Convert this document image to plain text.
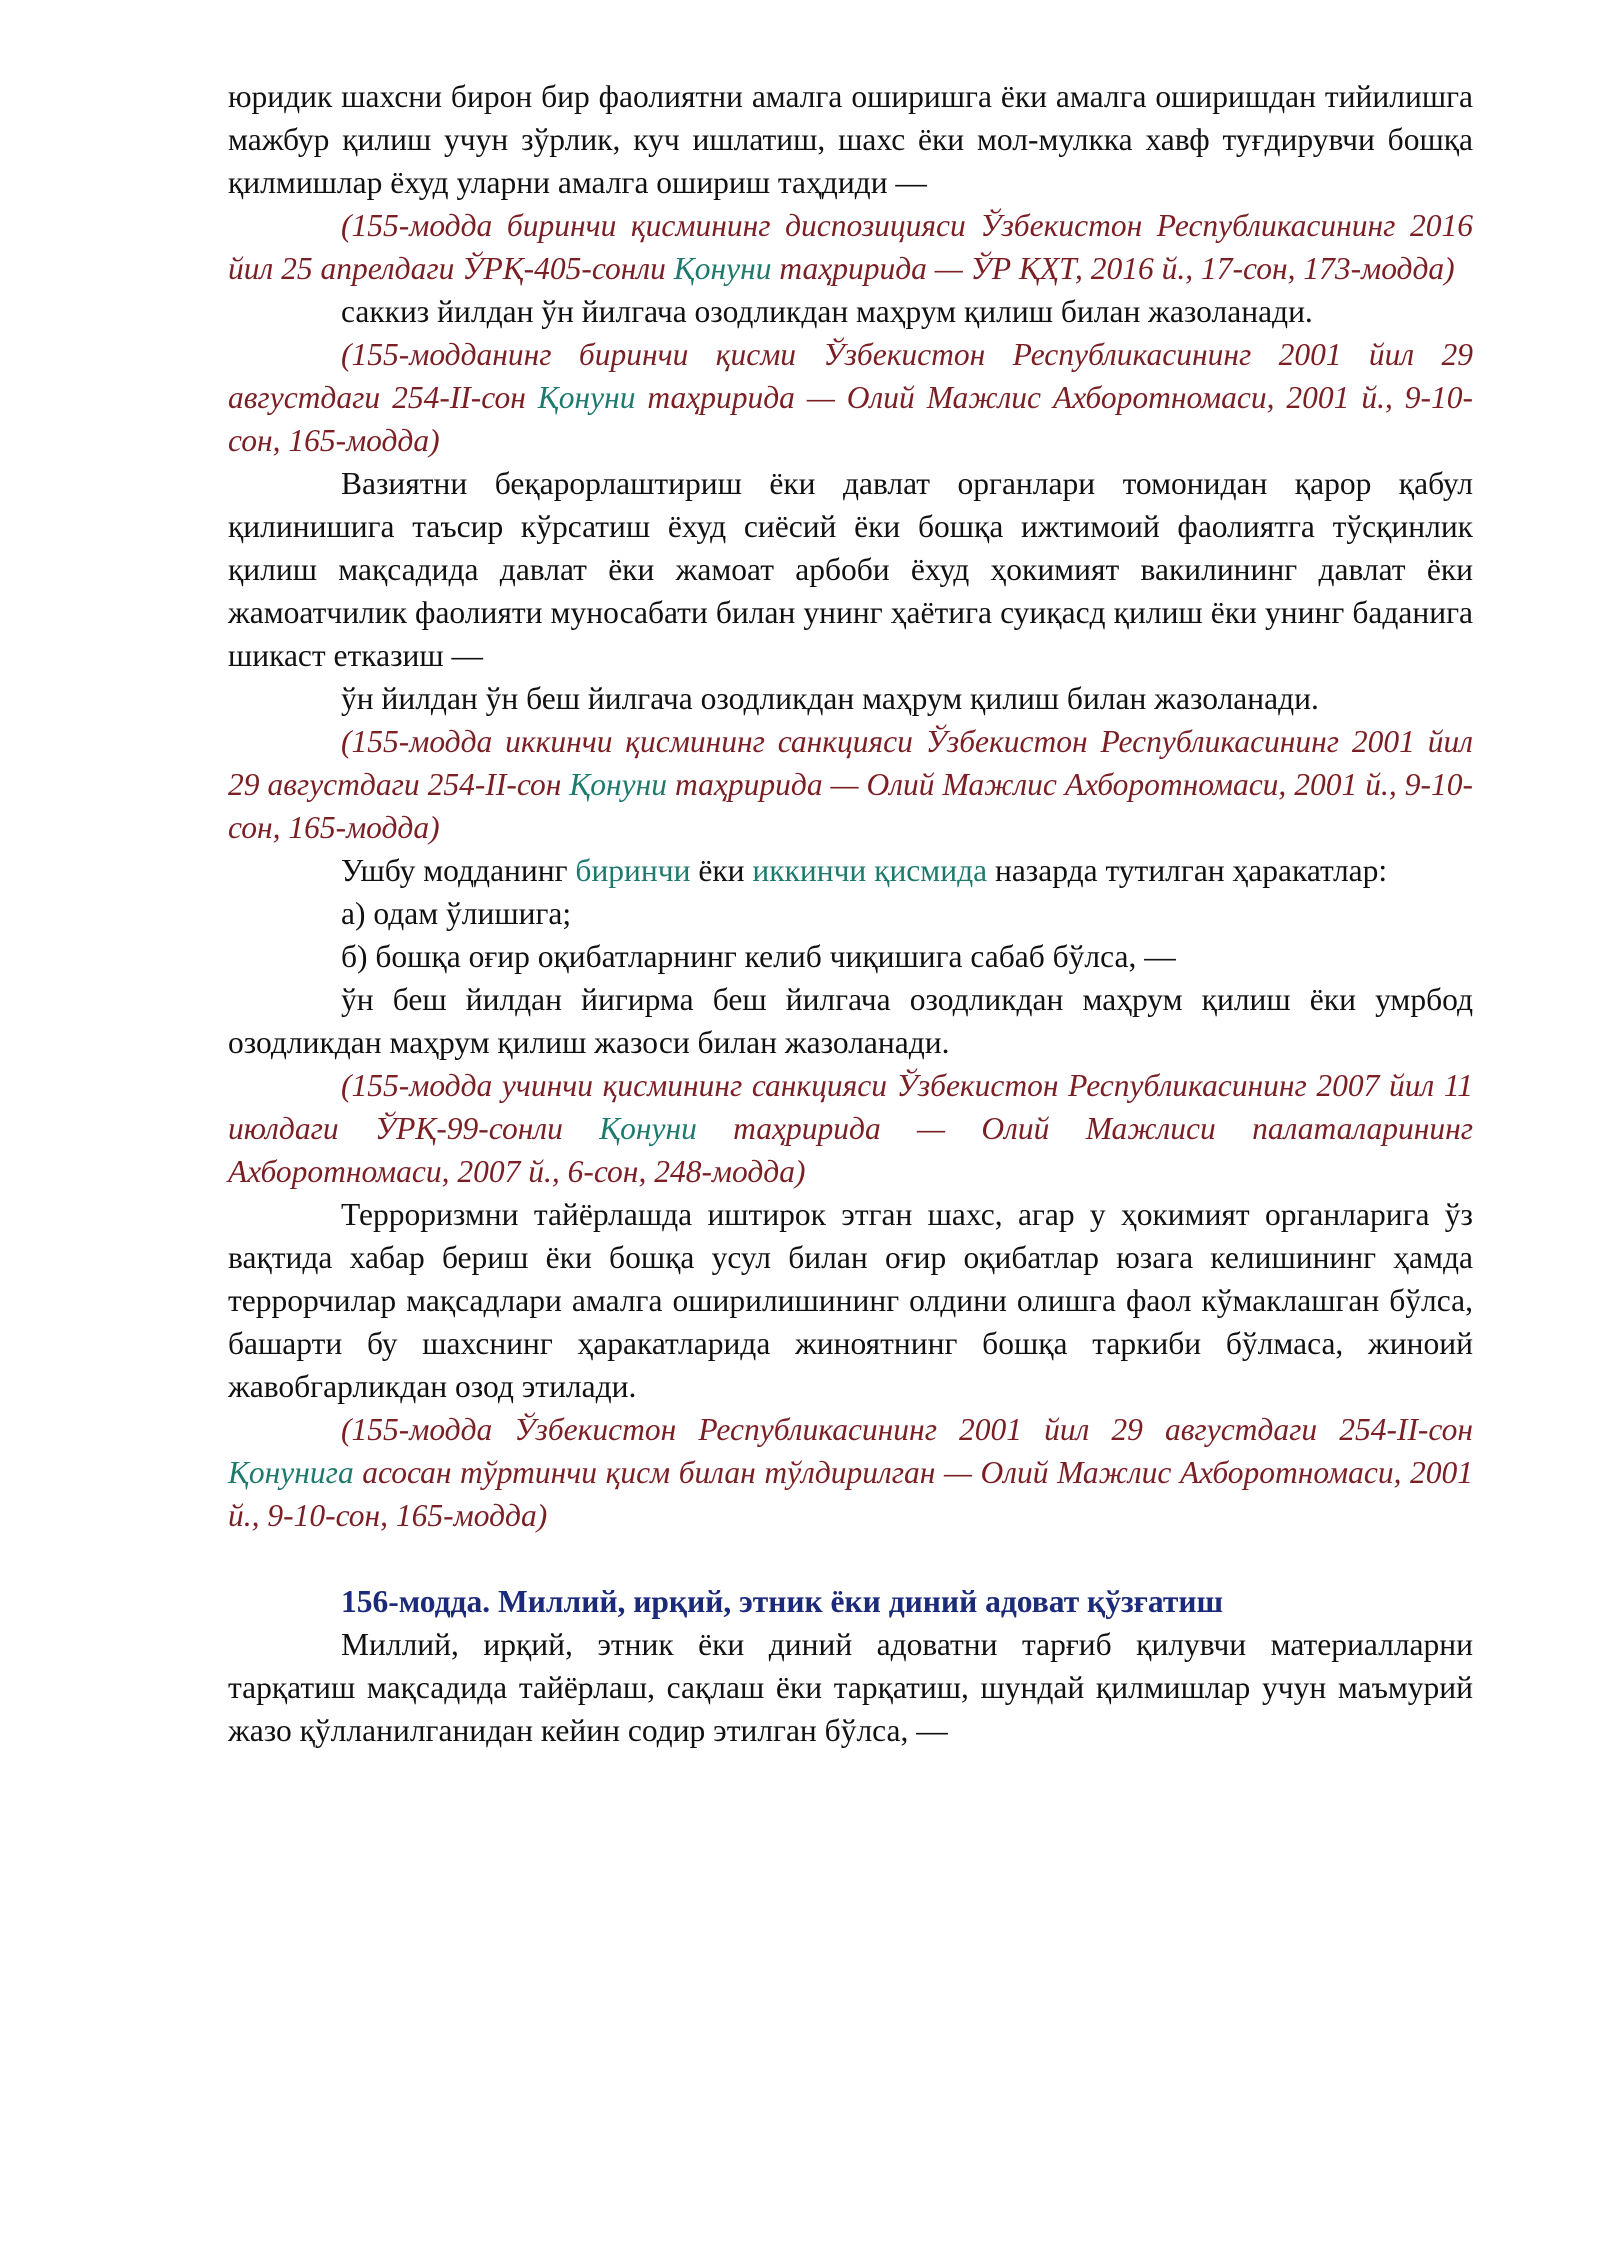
юридик шахсни бирон бир фаолиятни амалга оширишга ёки амалга оширишдан тийилишга мажбур қилиш учун зўрлик, куч ишлатиш, шахс ёки мол-мулкка хавф туғдирувчи бошқа қилмишлар ёхуд уларни амалга ошириш таҳдиди —

(155-модда биринчи қисмининг диспозицияси Ўзбекистон Республикасининг 2016 йил 25 апрелдаги ЎРҚ-405-сонли Қонуни таҳририда — ЎР ҚҲТ, 2016 й., 17-сон, 173-модда)

саккиз йилдан ўн йилгача озодликдан маҳрум қилиш билан жазоланади.

(155-модданинг биринчи қисми Ўзбекистон Республикасининг 2001 йил 29 августдаги 254-II-сон Қонуни таҳририда — Олий Мажлис Ахборотномаси, 2001 й., 9-10-сон, 165-модда)

Вазиятни беқарорлаштириш ёки давлат органлари томонидан қарор қабул қилинишига таъсир кўрсатиш ёхуд сиёсий ёки бошқа ижтимоий фаолиятга тўсқинлик қилиш мақсадида давлат ёки жамоат арбоби ёхуд ҳокимият вакилининг давлат ёки жамоатчилик фаолияти муносабати билан унинг ҳаётига суиқасд қилиш ёки унинг баданига шикаст етказиш —

ўн йилдан ўн беш йилгача озодликдан маҳрум қилиш билан жазоланади.

(155-модда иккинчи қисмининг санкцияси Ўзбекистон Республикасининг 2001 йил 29 августдаги 254-II-сон Қонуни таҳририда — Олий Мажлис Ахборотномаси, 2001 й., 9-10-сон, 165-модда)

Ушбу модданинг биринчи ёки иккинчи қисмида назарда тутилган ҳаракатлар:

а) одам ўлишига;

б) бошқа оғир оқибатларнинг келиб чиқишига сабаб бўлса, —

ўн беш йилдан йигирма беш йилгача озодликдан маҳрум қилиш ёки умрбод озодликдан маҳрум қилиш жазоси билан жазоланади.

(155-модда учинчи қисмининг санкцияси Ўзбекистон Республикасининг 2007 йил 11 июлдаги ЎРҚ-99-сонли Қонуни таҳририда — Олий Мажлиси палаталарининг Ахборотномаси, 2007 й., 6-сон, 248-модда)

Терроризмни тайёрлашда иштирок этган шахс, агар у ҳокимият органларига ўз вақтида хабар бериш ёки бошқа усул билан оғир оқибатлар юзага келишининг ҳамда террорчилар мақсадлари амалга оширилишининг олдини олишга фаол кўмаклашган бўлса, башарти бу шахснинг ҳаракатларида жиноятнинг бошқа таркиби бўлмаса, жиноий жавобгарликдан озод этилади.

(155-модда Ўзбекистон Республикасининг 2001 йил 29 августдаги 254-II-сон Қонунига асосан тўртинчи қисм билан тўлдирилган — Олий Мажлис Ахборотномаси, 2001 й., 9-10-сон, 165-модда)

156-модда. Миллий, ирқий, этник ёки диний адоват қўзғатиш

Миллий, ирқий, этник ёки диний адоватни тарғиб қилувчи материалларни тарқатиш мақсадида тайёрлаш, сақлаш ёки тарқатиш, шундай қилмишлар учун маъмурий жазо қўлланилганидан кейин содир этилган бўлса, —
